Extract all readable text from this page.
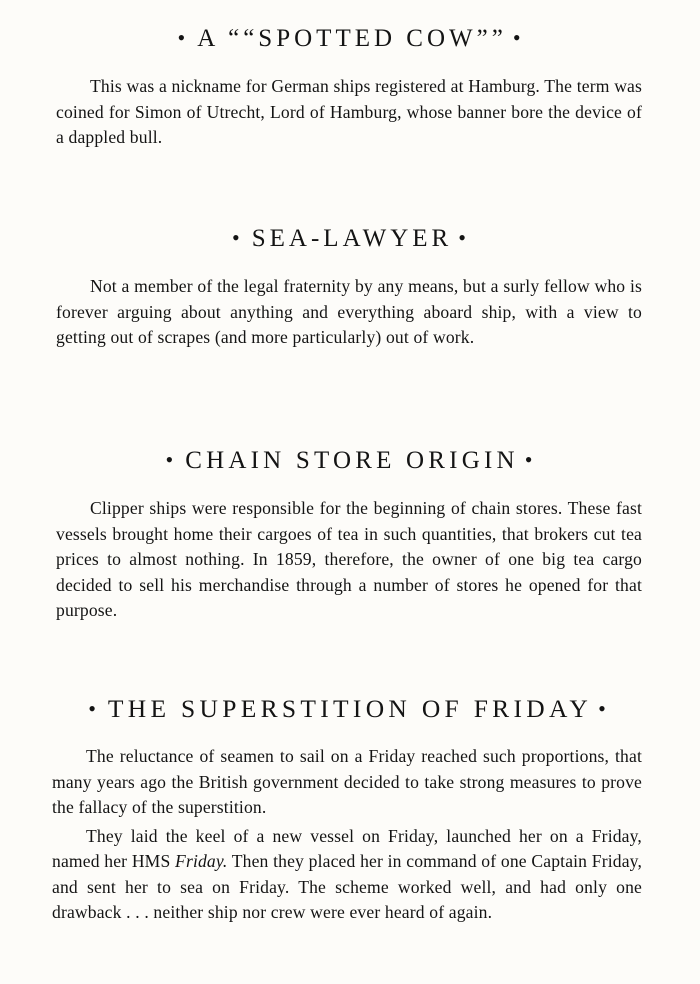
• A ““SPOTTED COW”” •

This was a nickname for German ships registered at Hamburg. The term was coined for Simon of Utrecht, Lord of Hamburg, whose banner bore the device of a dappled bull.

• SEA-LAWYER •

Not a member of the legal fraternity by any means, but a surly fellow who is forever arguing about anything and everything aboard ship, with a view to getting out of scrapes (and more particularly) out of work.

• CHAIN STORE ORIGIN •

Clipper ships were responsible for the beginning of chain stores. These fast vessels brought home their cargoes of tea in such quantities, that brokers cut tea prices to almost nothing. In 1859, therefore, the owner of one big tea cargo decided to sell his merchandise through a number of stores he opened for that purpose.

• THE SUPERSTITION OF FRIDAY •

The reluctance of seamen to sail on a Friday reached such proportions, that many years ago the British government decided to take strong measures to prove the fallacy of the superstition.

They laid the keel of a new vessel on Friday, launched her on a Friday, named her HMS Friday. Then they placed her in command of one Captain Friday, and sent her to sea on Friday. The scheme worked well, and had only one drawback . . . neither ship nor crew were ever heard of again.
